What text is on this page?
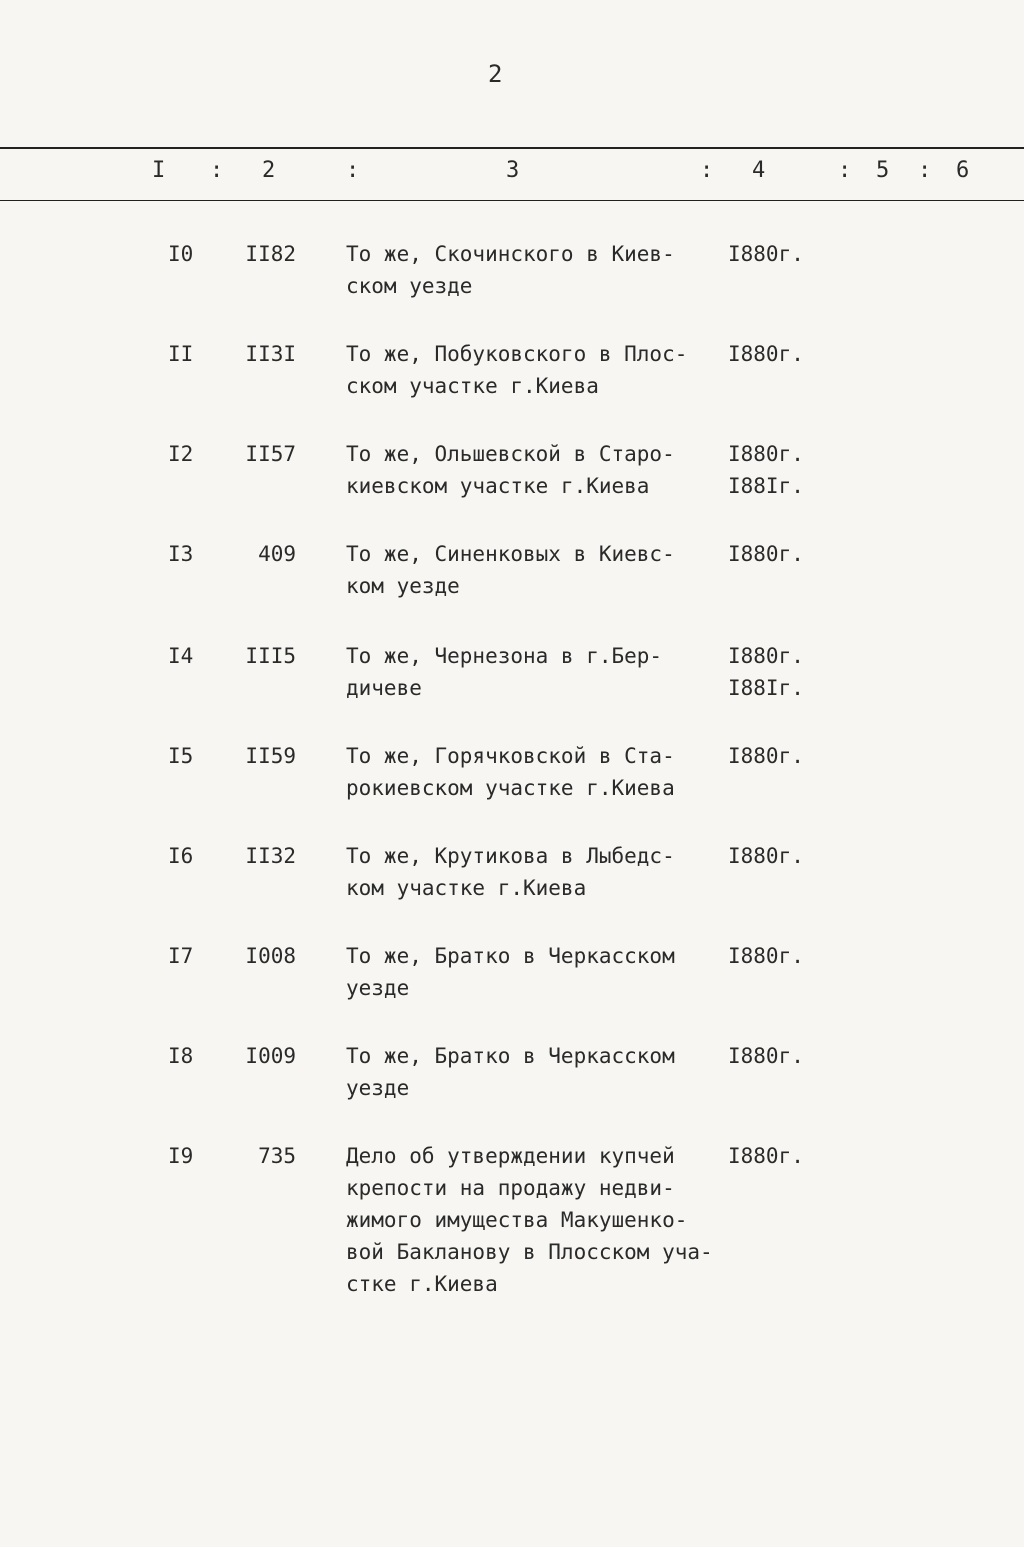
2
I : 2	:	3	: 4	: 5 : 6
I0	II82 То же, Скочинского в Киев-
ском уезде
I880г.
II	II3I То же, Побуковского в Плос-
ском участке г.Киева
I880г.
I2	II57 То же, Ольшевской в Старо-
киевском участке г.Киева
I880г.
I88Iг.
I3	409 То же, Синенковых в Киевс-
ком уезде
I880г.
I4	III5 То же, Чернезона в г.Бер-
дичеве
I880г.
I88Iг.
I5	II59 То же, Горячковской в Ста-
рокиевском участке г.Киева
I880г.
I6	II32 То же, Крутикова в Лыбедс-
ком участке г.Киева
I880г.
I7	I008 То же, Братко в Черкасском
уезде
I880г.
I8	I009 То же, Братко в Черкасском
уезде
I880г.
I9	735 Дело об утверждении купчей
крепости на продажу недви-
жимого имущества Макушенко-
вой Бакланову в Плосском уча-
стке г.Киева
I880г.
